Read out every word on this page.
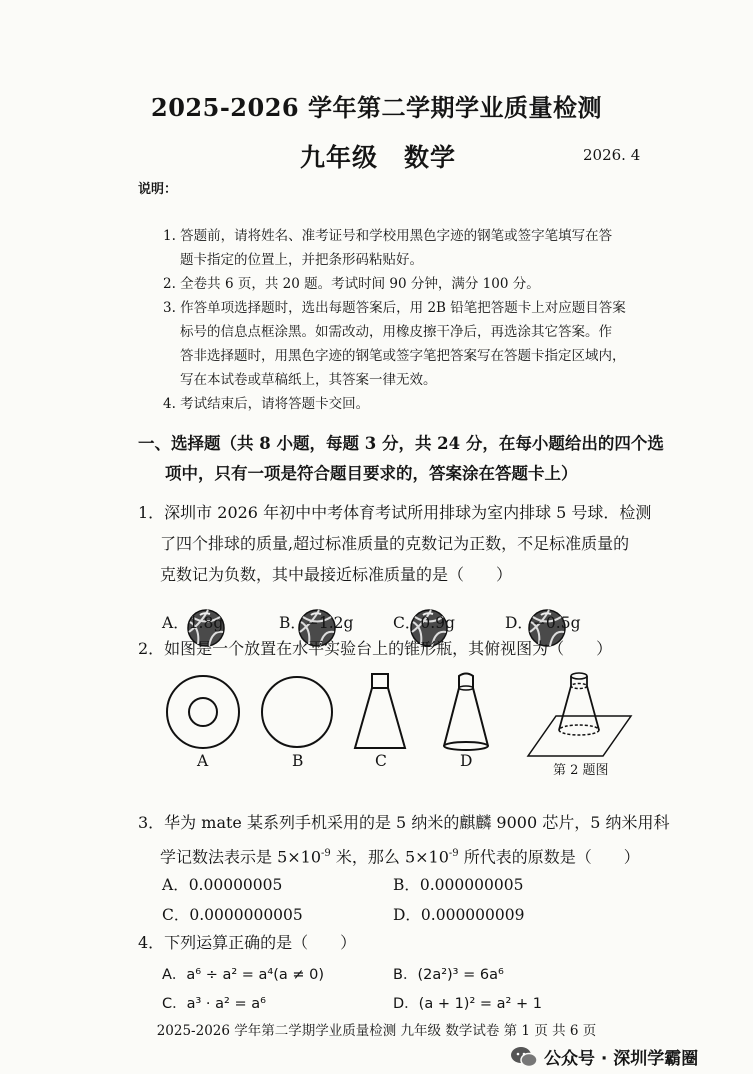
2025-2026 学年第二学期学业质量检测
九年级　数学	2026. 4
说明：
1. 答题前，请将姓名、准考证号和学校用黑色字迹的钢笔或签字笔填写在答
题卡指定的位置上，并把条形码粘贴好。
2. 全卷共 6 页，共 20 题。考试时间 90 分钟，满分 100 分。
3. 作答单项选择题时，选出每题答案后，用 2B 铅笔把答题卡上对应题目答案
标号的信息点框涂黑。如需改动，用橡皮擦干净后，再选涂其它答案。作
答非选择题时，用黑色字迹的钢笔或签字笔把答案写在答题卡指定区域内，
写在本试卷或草稿纸上，其答案一律无效。
4. 考试结束后，请将答题卡交回。
一、选择题（共 8 小题，每题 3 分，共 24 分，在每小题给出的四个选
项中，只有一项是符合题目要求的，答案涂在答题卡上）
1．深圳市 2026 年初中中考体育考试所用排球为室内排球 5 号球．检测
了四个排球的质量,超过标准质量的克数记为正数，不足标准质量的
克数记为负数，其中最接近标准质量的是（　　）
A．1.8g	B．−1.2g	C．0.9g	D．−0.5g
2．如图是一个放置在水平实验台上的锥形瓶，其俯视图为（　　）
A	B	C	D
第 2 题图
3．华为 mate 某系列手机采用的是 5 纳米的麒麟 9000 芯片，5 纳米用科
学记数法表示是 $5\times 10^{-9}$ 米，那么 $5\times 10^{-9}$ 所代表的原数是（　　）
A．0.00000005	B．0.000000005
C．0.0000000005	D．0.000000009
4．下列运算正确的是（　　）
A．a⁶ ÷ a² = a⁴(a ≠ 0)	B．(2a²)³ = 6a⁶
C．a³ · a² = a⁶	D．(a + 1)² = a² + 1
2025-2026 学年第二学期学业质量检测 九年级 数学试卷 第 1 页 共 6 页
公众号 · 深圳学霸圈
